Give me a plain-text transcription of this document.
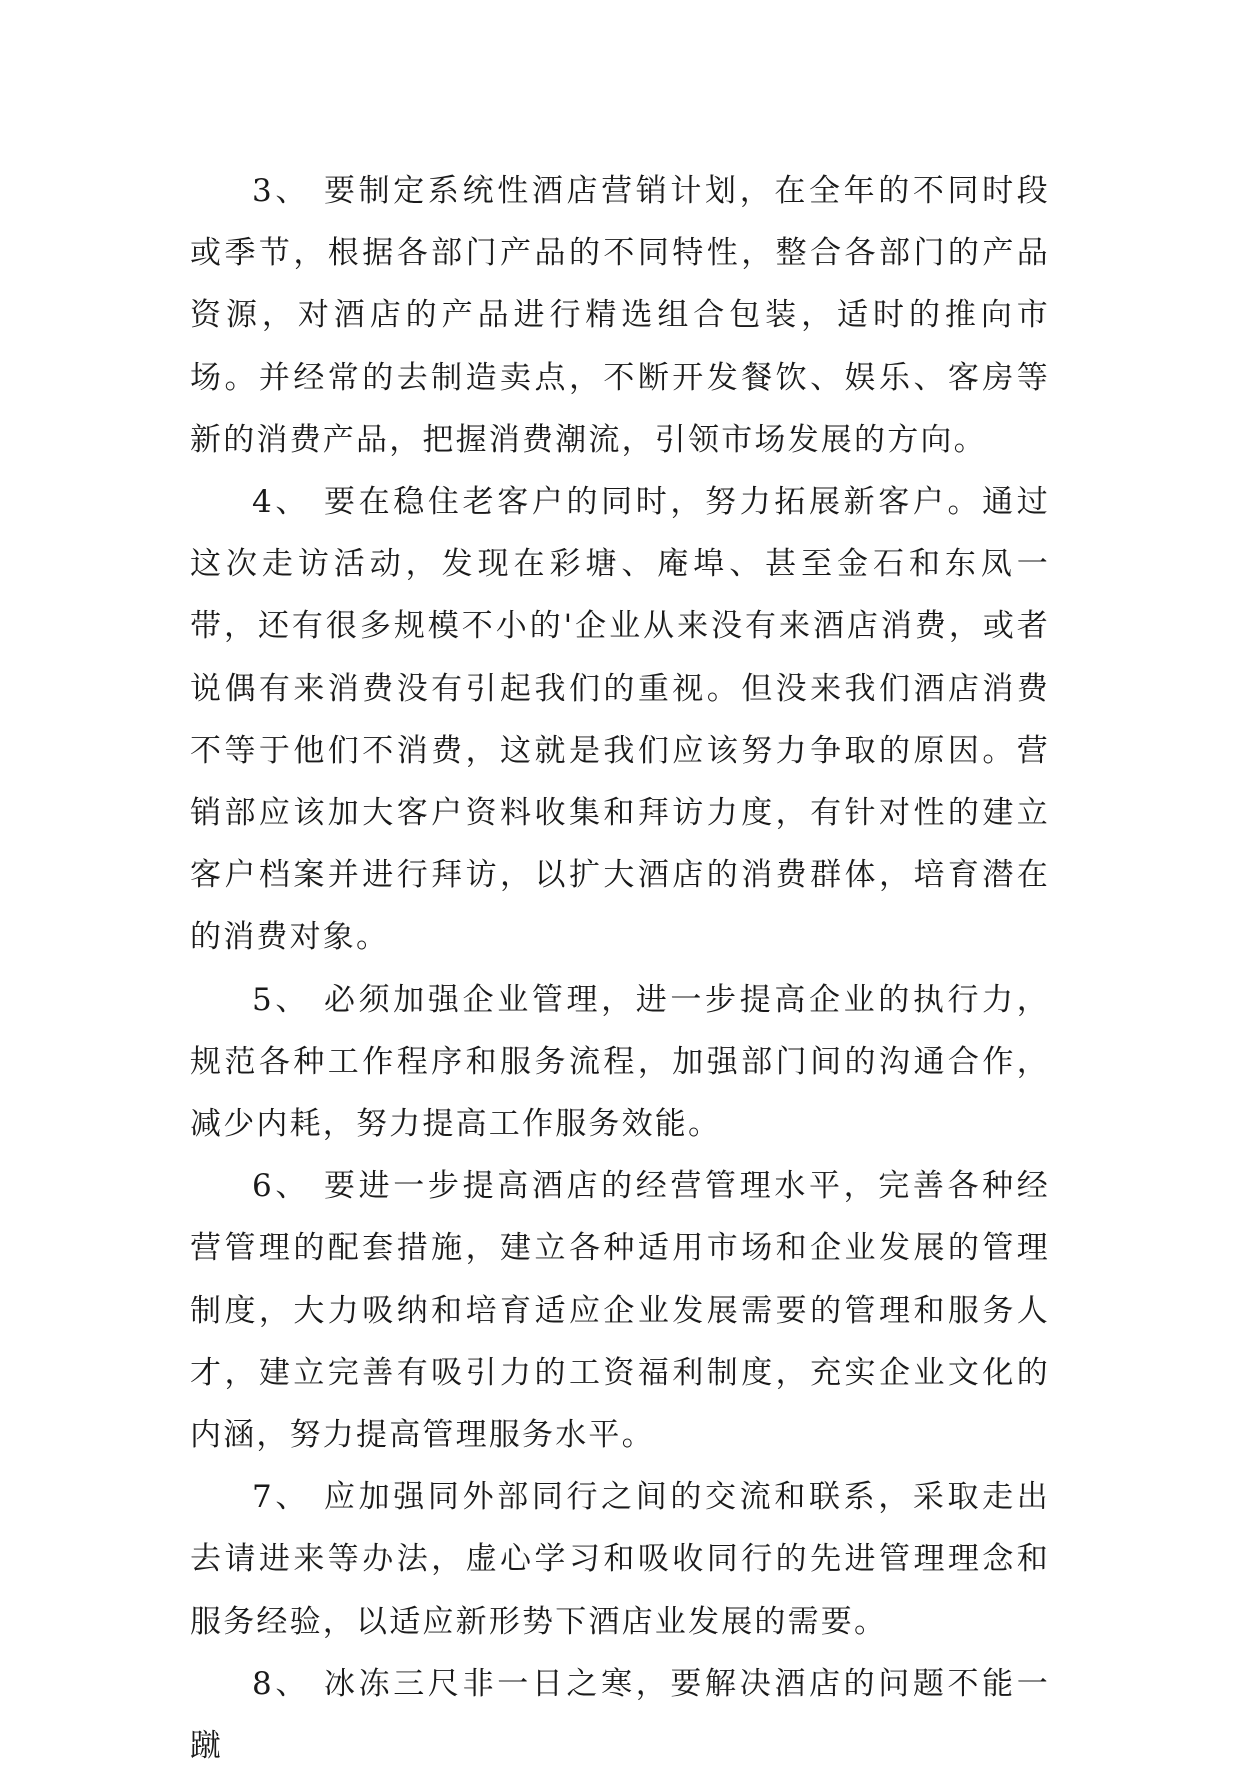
3、 要制定系统性酒店营销计划，在全年的不同时段或季节，根据各部门产品的不同特性，整合各部门的产品资源，对酒店的产品进行精选组合包装，适时的推向市场。并经常的去制造卖点，不断开发餐饮、娱乐、客房等新的消费产品，把握消费潮流，引领市场发展的方向。

4、 要在稳住老客户的同时，努力拓展新客户。通过这次走访活动，发现在彩塘、庵埠、甚至金石和东凤一带，还有很多规模不小的'企业从来没有来酒店消费，或者说偶有来消费没有引起我们的重视。但没来我们酒店消费不等于他们不消费，这就是我们应该努力争取的原因。营销部应该加大客户资料收集和拜访力度，有针对性的建立客户档案并进行拜访，以扩大酒店的消费群体，培育潜在的消费对象。

5、 必须加强企业管理，进一步提高企业的执行力，规范各种工作程序和服务流程，加强部门间的沟通合作，减少内耗，努力提高工作服务效能。

6、 要进一步提高酒店的经营管理水平，完善各种经营管理的配套措施，建立各种适用市场和企业发展的管理制度，大力吸纳和培育适应企业发展需要的管理和服务人才，建立完善有吸引力的工资福利制度，充实企业文化的内涵，努力提高管理服务水平。

7、 应加强同外部同行之间的交流和联系，采取走出去请进来等办法，虚心学习和吸收同行的先进管理理念和服务经验，以适应新形势下酒店业发展的需要。

8、 冰冻三尺非一日之寒，要解决酒店的问题不能一蹴
